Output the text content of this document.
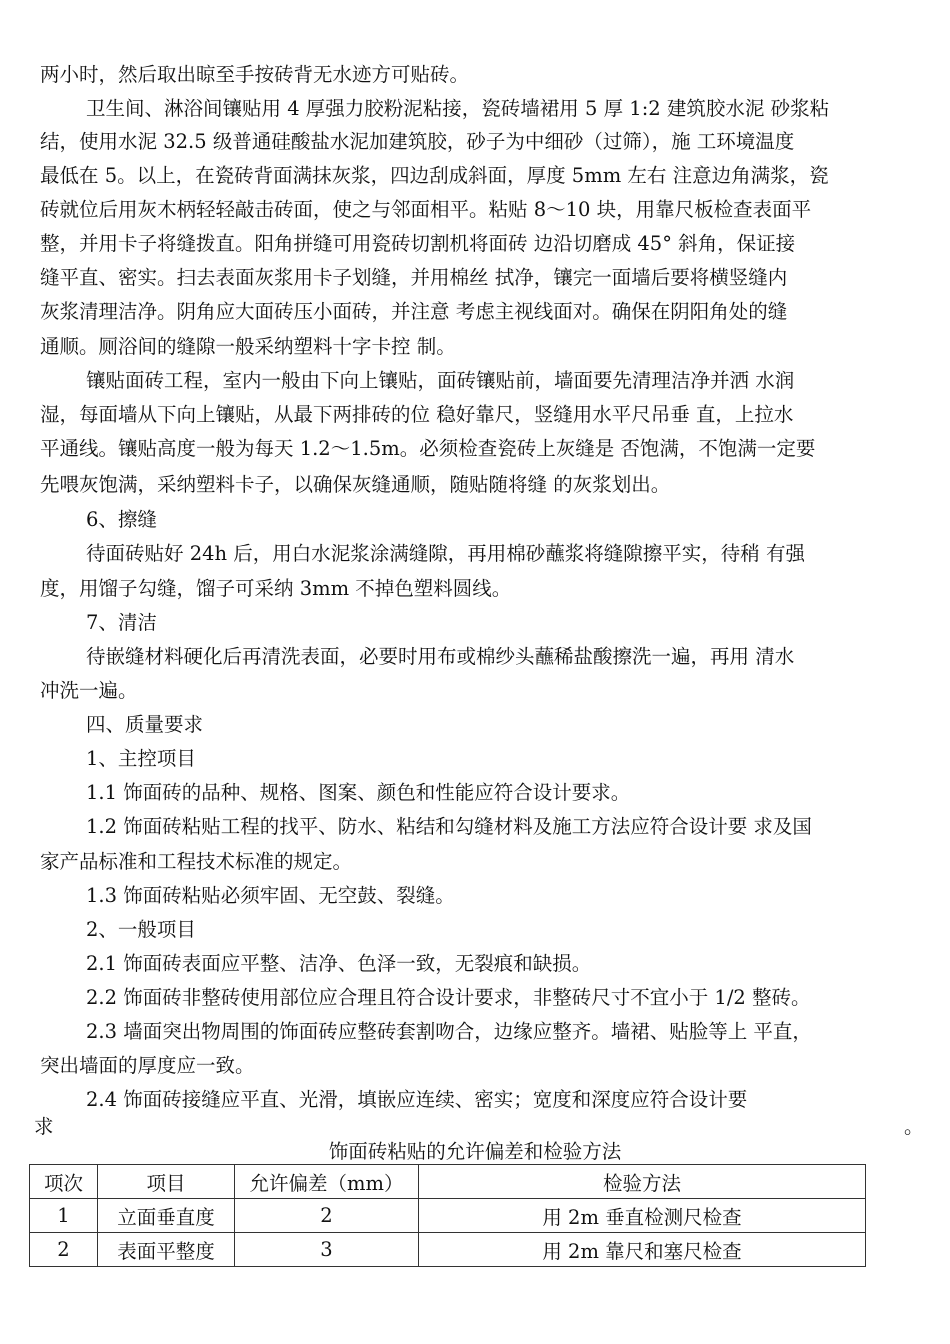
两小时，然后取出晾至手按砖背无水迹方可贴砖。
卫生间、淋浴间镶贴用 4 厚强力胶粉泥粘接，瓷砖墙裙用 5 厚 1:2 建筑胶水泥 砂浆粘
结，使用水泥 32.5 级普通硅酸盐水泥加建筑胶，砂子为中细砂（过筛），施 工环境温度
最低在 5。以上，在瓷砖背面满抹灰浆，四边刮成斜面，厚度 5mm 左右 注意边角满浆，瓷
砖就位后用灰木柄轻轻敲击砖面，使之与邻面相平。粘贴 8〜10 块，用靠尺板检查表面平
整，并用卡子将缝拨直。阳角拼缝可用瓷砖切割机将面砖 边沿切磨成 45° 斜角，保证接
缝平直、密实。扫去表面灰浆用卡子划缝，并用棉丝 拭净，镶完一面墙后要将横竖缝内
灰浆清理洁净。阴角应大面砖压小面砖，并注意 考虑主视线面对。确保在阴阳角处的缝
通顺。厕浴间的缝隙一般采纳塑料十字卡控 制。
镶贴面砖工程，室内一般由下向上镶贴，面砖镶贴前，墙面要先清理洁净并洒 水润
湿，每面墙从下向上镶贴，从最下两排砖的位 稳好靠尺，竖缝用水平尺吊垂 直，上拉水
平通线。镶贴高度一般为每天 1.2〜1.5m。必须检查瓷砖上灰缝是 否饱满，不饱满一定要
先喂灰饱满，采纳塑料卡子，以确保灰缝通顺，随贴随将缝 的灰浆划出。
6、擦缝
待面砖贴好 24h 后，用白水泥浆涂满缝隙，再用棉砂蘸浆将缝隙擦平实，待稍 有强
度，用馏子勾缝，馏子可采纳 3mm 不掉色塑料圆线。
7、清洁
待嵌缝材料硬化后再清洗表面，必要时用布或棉纱头蘸稀盐酸擦洗一遍，再用 清水
冲洗一遍。
四、质量要求
1、主控项目
1.1 饰面砖的品种、规格、图案、颜色和性能应符合设计要求。
1.2 饰面砖粘贴工程的找平、防水、粘结和勾缝材料及施工方法应符合设计要 求及国
家产品标准和工程技术标准的规定。
1.3 饰面砖粘贴必须牢固、无空鼓、裂缝。
2、一般项目
2.1 饰面砖表面应平整、洁净、色泽一致，无裂痕和缺损。
2.2 饰面砖非整砖使用部位应合理且符合设计要求，非整砖尺寸不宜小于 1/2 整砖。
2.3 墙面突出物周围的饰面砖应整砖套割吻合，边缘应整齐。墙裙、贴脸等上 平直，
突出墙面的厚度应一致。
2.4 饰面砖接缝应平直、光滑，填嵌应连续、密实；宽度和深度应符合设计要
求	。
饰面砖粘贴的允许偏差和检验方法
项次	项目	允许偏差（mm）	检验方法
1	立面垂直度	2	用 2m 垂直检测尺检查
2	表面平整度	3	用 2m 靠尺和塞尺检查
